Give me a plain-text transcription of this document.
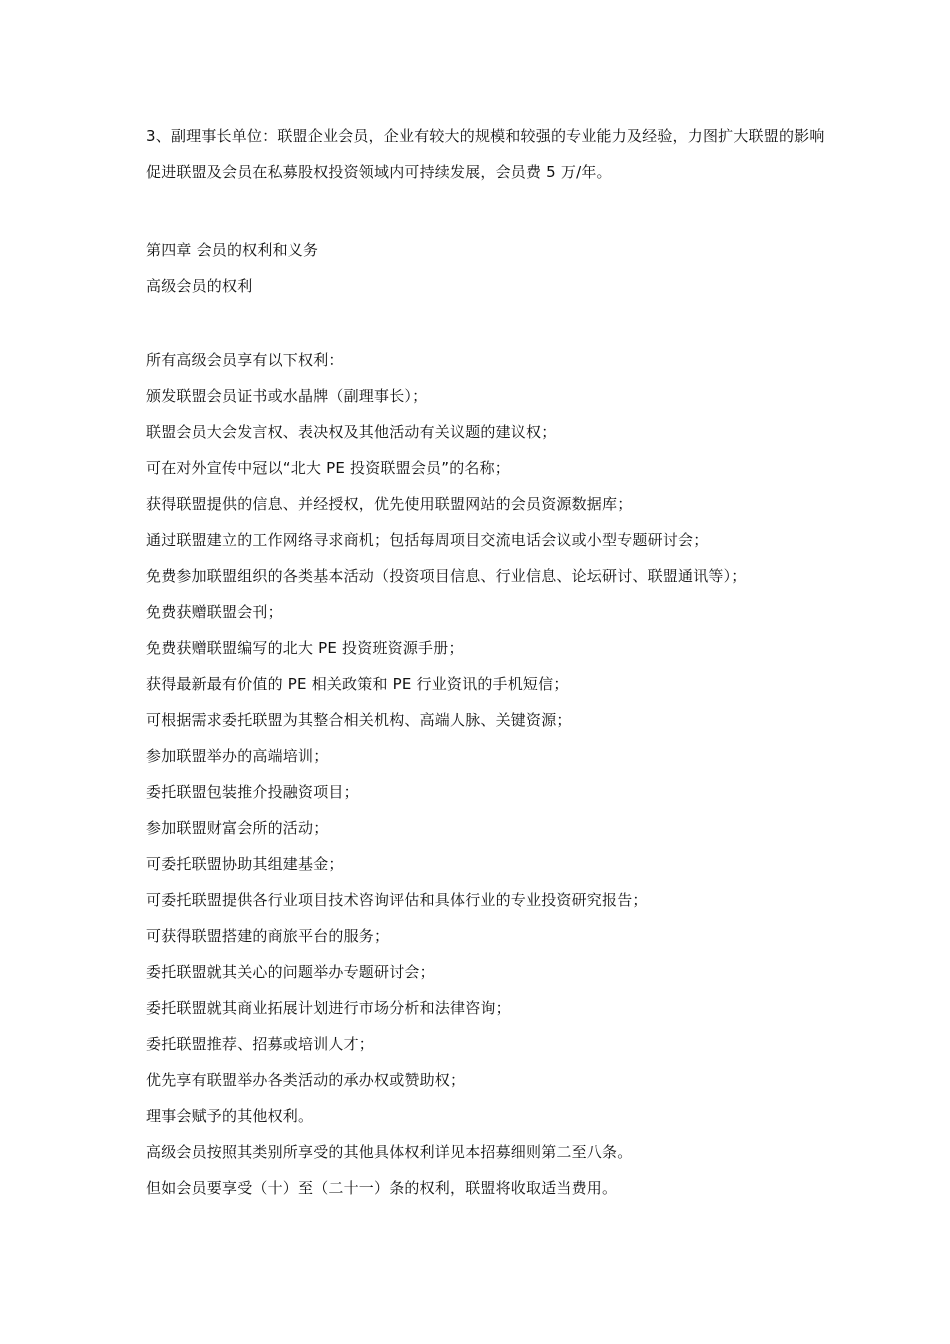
3、副理事长单位：联盟企业会员，企业有较大的规模和较强的专业能力及经验，力图扩大联盟的影响促进联盟及会员在私募股权投资领域内可持续发展，会员费 5 万/年。

第四章 会员的权利和义务

高级会员的权利

所有高级会员享有以下权利：

颁发联盟会员证书或水晶牌（副理事长）；

联盟会员大会发言权、表决权及其他活动有关议题的建议权；

可在对外宣传中冠以“北大 PE 投资联盟会员”的名称；

获得联盟提供的信息、并经授权，优先使用联盟网站的会员资源数据库；

通过联盟建立的工作网络寻求商机；包括每周项目交流电话会议或小型专题研讨会；

免费参加联盟组织的各类基本活动（投资项目信息、行业信息、论坛研讨、联盟通讯等）；

免费获赠联盟会刊；

免费获赠联盟编写的北大 PE 投资班资源手册；

获得最新最有价值的 PE 相关政策和 PE 行业资讯的手机短信；

可根据需求委托联盟为其整合相关机构、高端人脉、关键资源；

参加联盟举办的高端培训；

委托联盟包装推介投融资项目；

参加联盟财富会所的活动；

可委托联盟协助其组建基金；

可委托联盟提供各行业项目技术咨询评估和具体行业的专业投资研究报告；

可获得联盟搭建的商旅平台的服务；

委托联盟就其关心的问题举办专题研讨会；

委托联盟就其商业拓展计划进行市场分析和法律咨询；

委托联盟推荐、招募或培训人才；

优先享有联盟举办各类活动的承办权或赞助权；

理事会赋予的其他权利。

高级会员按照其类别所享受的其他具体权利详见本招募细则第二至八条。

但如会员要享受（十）至（二十一）条的权利，联盟将收取适当费用。
